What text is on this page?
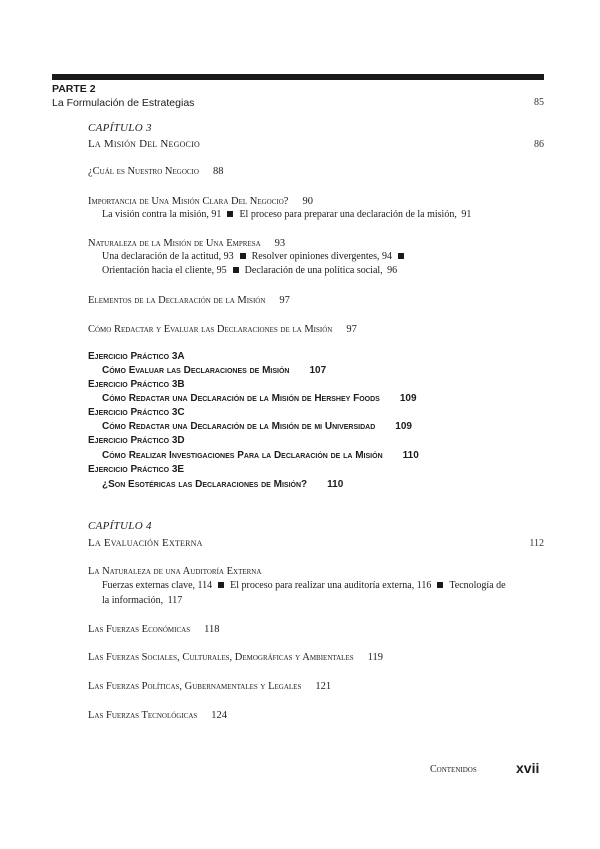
PARTE 2
La Formulación de Estrategias	85
CAPÍTULO 3
La Misión Del Negocio	86
¿Cuál es Nuestro Negocio 88
Importancia de Una Misión Clara Del Negocio? 90
La visión contra la misión, 91 El proceso para preparar una declaración de la misión, 91
Naturaleza de la Misión de Una Empresa 93
Una declaración de la actitud, 93 Resolver opiniones divergentes, 94
Orientación hacia el cliente, 95 Declaración de una política social, 96
Elementos de la Declaración de la Misión 97
Cómo Redactar y Evaluar las Declaraciones de la Misión 97
Ejercicio Práctico 3A
Cómo Evaluar las Declaraciones de Misión 107
Ejercicio Práctico 3B
Cómo Redactar una Declaración de la Misión de Hershey Foods 109
Ejercicio Práctico 3C
Cómo Redactar una Declaración de la Misión de mi Universidad 109
Ejercicio Práctico 3D
Cómo Realizar Investigaciones Para la Declaración de la Misión 110
Ejercicio Práctico 3E
¿Son Esotéricas las Declaraciones de Misión? 110
CAPÍTULO 4
La Evaluación Externa	112
La Naturaleza de una Auditoría Externa
Fuerzas externas clave, 114 El proceso para realizar una auditoría externa, 116 Tecnología de
la información, 117
Las Fuerzas Económicas 118
Las Fuerzas Sociales, Culturales, Demográficas y Ambientales 119
Las Fuerzas Políticas, Gubernamentales y Legales 121
Las Fuerzas Tecnológicas 124
Contenidos	xvii
